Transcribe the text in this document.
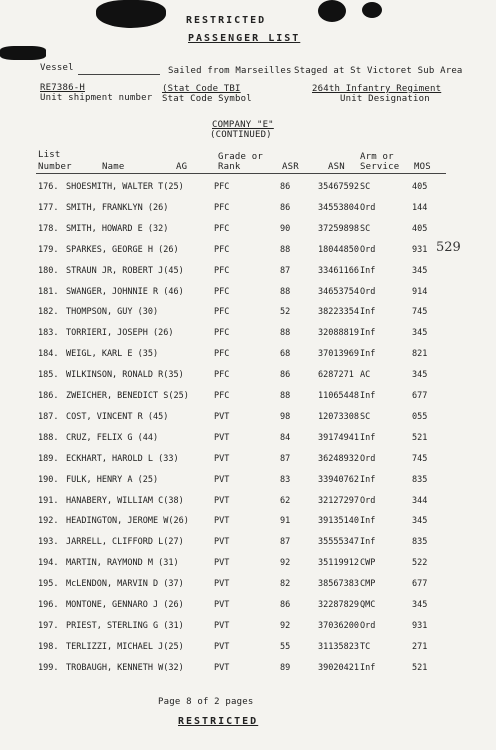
RESTRICTED
PASSENGER LIST
Vessel	Sailed from Marseilles Staged at St Victoret Sub Area
RE7386-H
Unit shipment number
(Stat Code TBI
Stat Code Symbol
264th Infantry Regiment
Unit Designation
COMPANY "E"
(CONTINUED)
List
Number	Name	AG
Grade or
Rank	ASR	ASN
Arm or
Service MOS
176. SHOESMITH, WALTER T(25)	PFC	86	35467592 SC	405
177. SMITH, FRANKLYN (26)	PFC	86	34553804 Ord	144
178. SMITH, HOWARD E (32)	PFC	90	37259898 SC	405
179. SPARKES, GEORGE H (26)	PFC	88	18044850 Ord	931
180. STRAUN JR, ROBERT J(45)	PFC	87	33461166 Inf	345
181. SWANGER, JOHNNIE R (46)	PFC	88	34653754 Ord	914
182. THOMPSON, GUY (30)	PFC	52	38223354 Inf	745
183. TORRIERI, JOSEPH (26)	PFC	88	32088819 Inf	345
184. WEIGL, KARL E (35)	PFC	68	37013969 Inf	821
185. WILKINSON, RONALD R(35)	PFC	86	6287271 AC	345
186. ZWEICHER, BENEDICT S(25)	PFC	88	11065448 Inf	677
187. COST, VINCENT R (45)	PVT	98	12073308 SC	055
188. CRUZ, FELIX G (44)	PVT	84	39174941 Inf	521
189. ECKHART, HAROLD L (33)	PVT	87	36248932 Ord	745
190. FULK, HENRY A (25)	PVT	83	33940762 Inf	835
191. HANABERY, WILLIAM C(38)	PVT	62	32127297 Ord	344
192. HEADINGTON, JEROME W(26)	PVT	91	39135140 Inf	345
193. JARRELL, CLIFFORD L(27)	PVT	87	35555347 Inf	835
194. MARTIN, RAYMOND M (31)	PVT	92	35119912 CWP	522
195. McLENDON, MARVIN D (37)	PVT	82	38567383 CMP	677
196. MONTONE, GENNARO J (26)	PVT	86	32287829 QMC	345
197. PRIEST, STERLING G (31)	PVT	92	37036200 Ord	931
198. TERLIZZI, MICHAEL J(25)	PVT	55	31135823 TC	271
199. TROBAUGH, KENNETH W(32)	PVT	89	39020421 Inf	521
529
Page 8 of 2 pages
RESTRICTED
